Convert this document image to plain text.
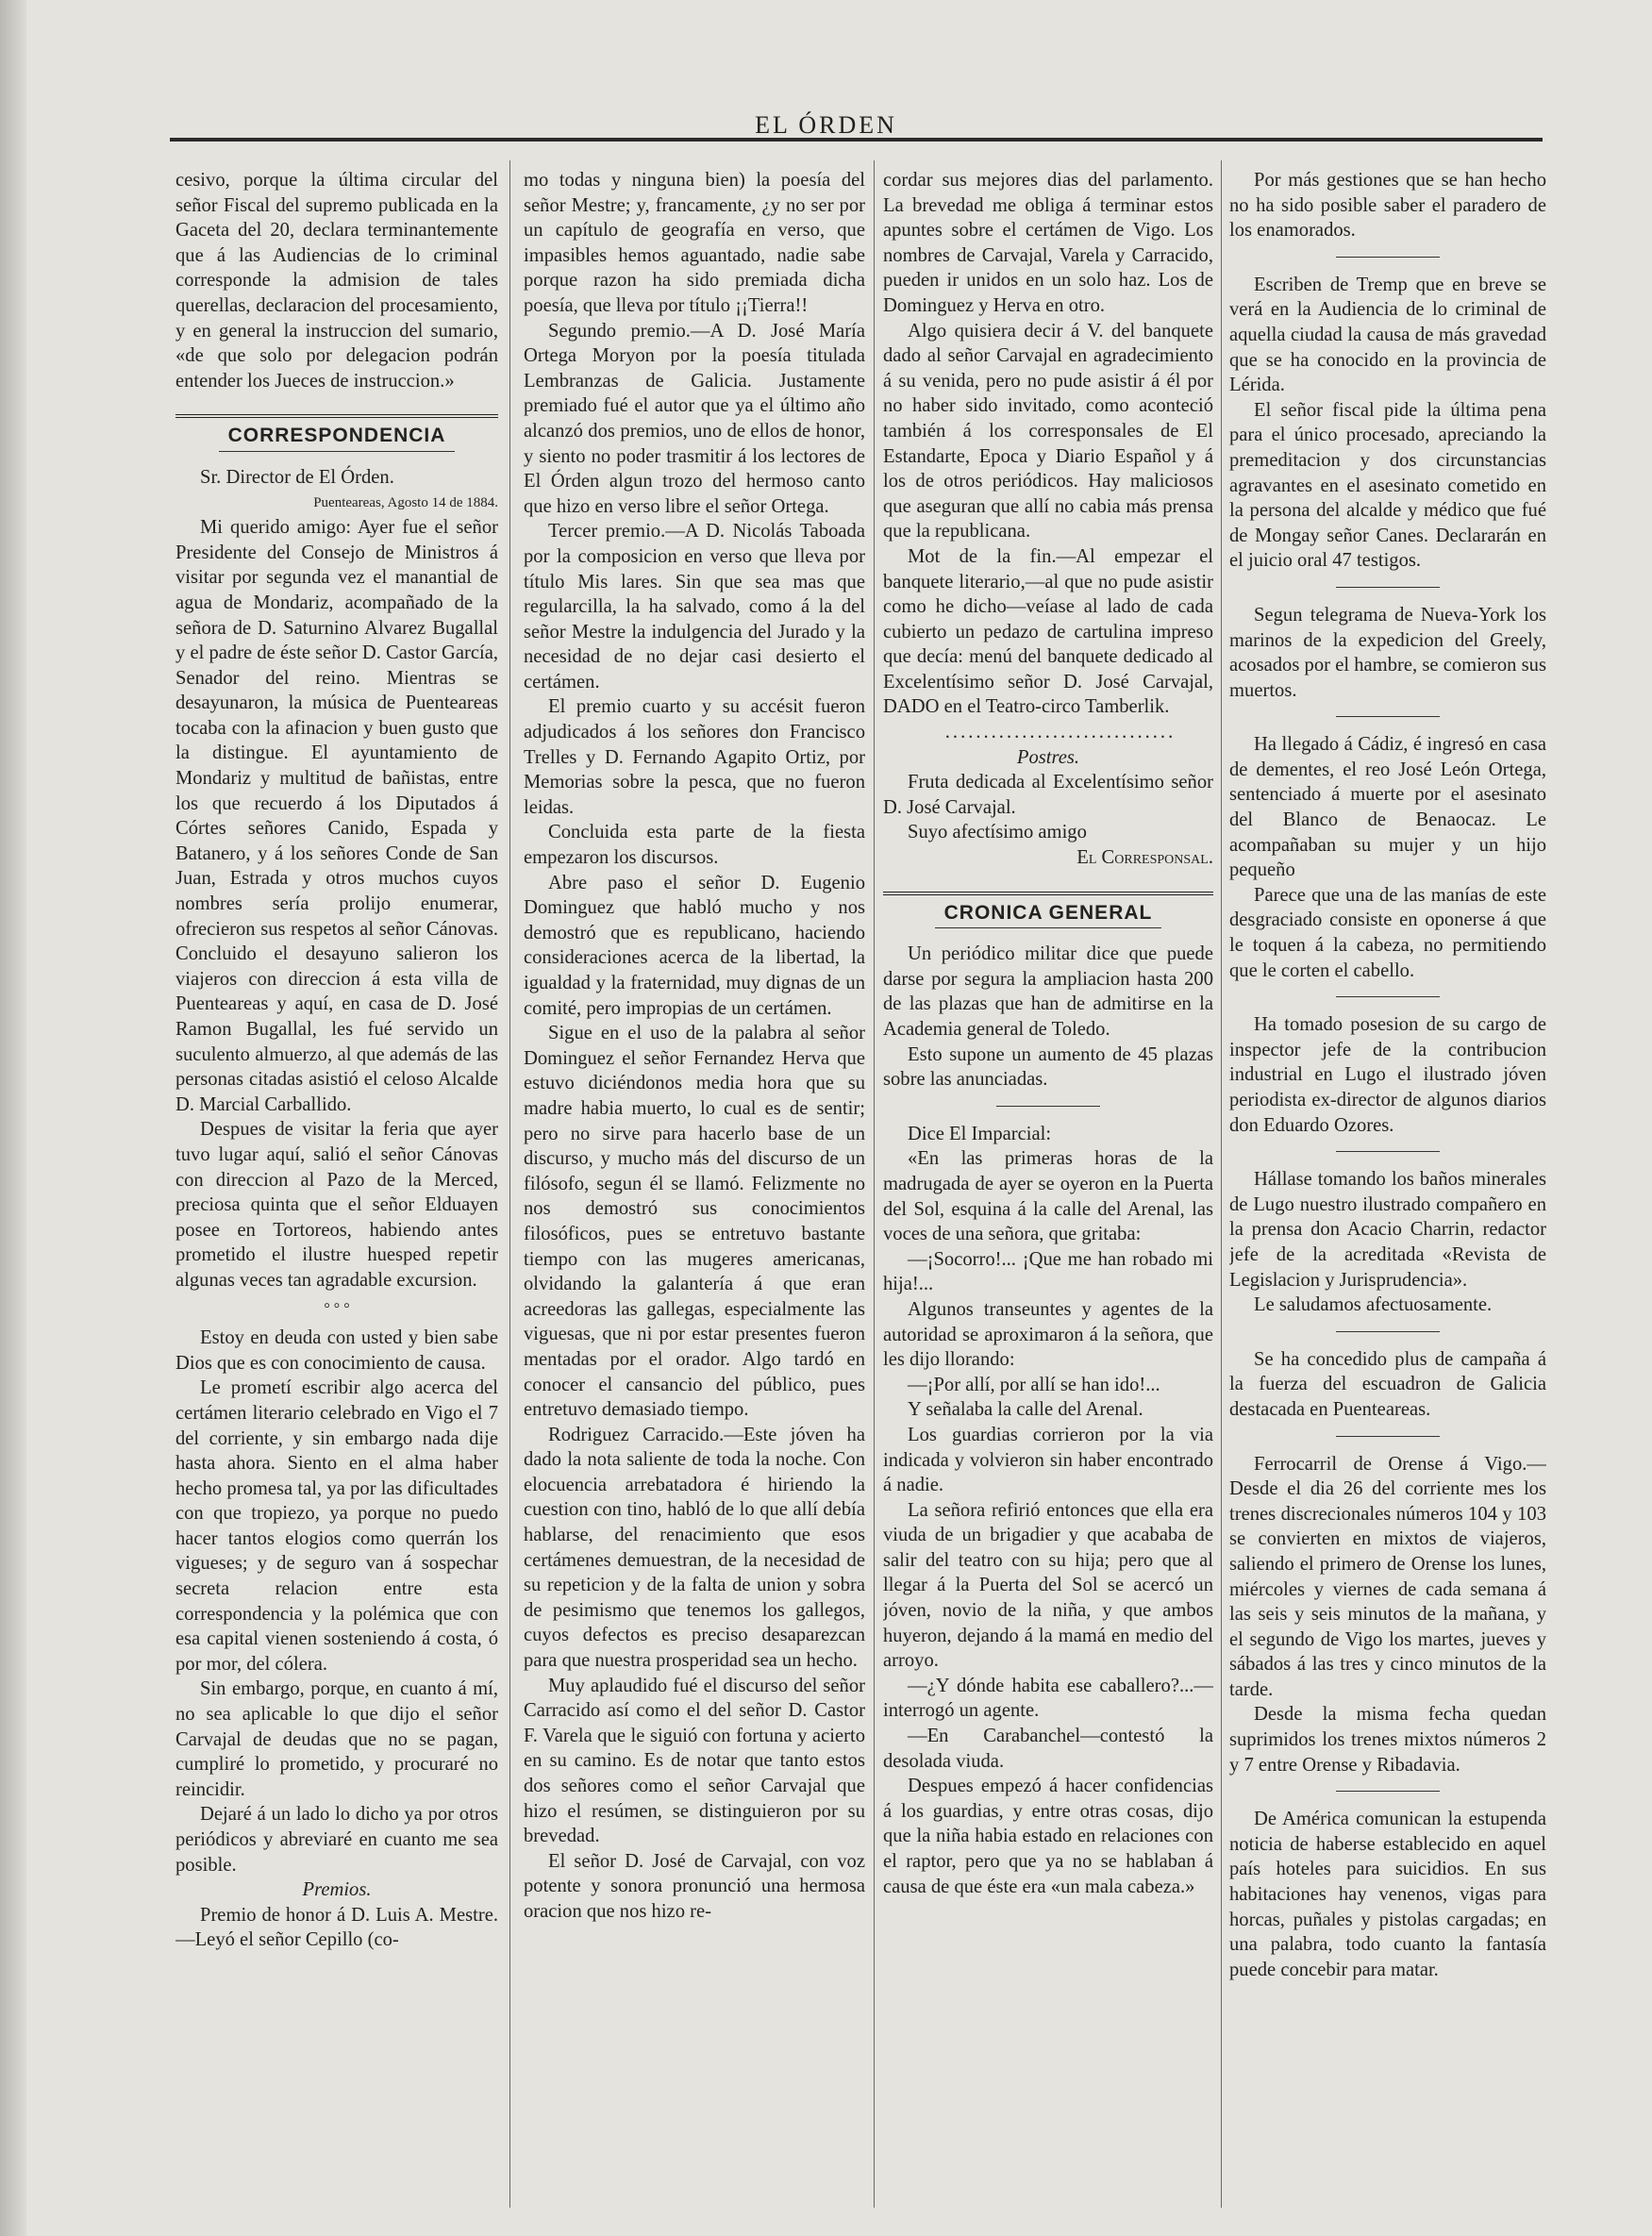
EL ÓRDEN

cesivo, porque la última circular del señor Fiscal del supremo publicada en la Gaceta del 20, declara terminantemente que á las Audiencias de lo criminal corresponde la admision de tales querellas, declaracion del procesamiento, y en general la instruccion del sumario, «de que solo por delegacion podrán entender los Jueces de instruccion.»

CORRESPONDENCIA

Sr. Director de El Órden.

Puenteareas, Agosto 14 de 1884.

Mi querido amigo: Ayer fue el señor Presidente del Consejo de Ministros á visitar por segunda vez el manantial de agua de Mondariz, acompañado de la señora de D. Saturnino Alvarez Bugallal y el padre de éste señor D. Castor García, Senador del reino. Mientras se desayunaron, la música de Puenteareas tocaba con la afinacion y buen gusto que la distingue. El ayuntamiento de Mondariz y multitud de bañistas, entre los que recuerdo á los Diputados á Córtes señores Canido, Espada y Batanero, y á los señores Conde de San Juan, Estrada y otros muchos cuyos nombres sería prolijo enumerar, ofrecieron sus respetos al señor Cánovas. Concluido el desayuno salieron los viajeros con direccion á esta villa de Puenteareas y aquí, en casa de D. José Ramon Bugallal, les fué servido un suculento almuerzo, al que además de las personas citadas asistió el celoso Alcalde D. Marcial Carballido.

Despues de visitar la feria que ayer tuvo lugar aquí, salió el señor Cánovas con direccion al Pazo de la Merced, preciosa quinta que el señor Elduayen posee en Tortoreos, habiendo antes prometido el ilustre huesped repetir algunas veces tan agradable excursion.

° ° °

Estoy en deuda con usted y bien sabe Dios que es con conocimiento de causa.

Le prometí escribir algo acerca del certámen literario celebrado en Vigo el 7 del corriente, y sin embargo nada dije hasta ahora. Siento en el alma haber hecho promesa tal, ya por las dificultades con que tropiezo, ya porque no puedo hacer tantos elogios como querrán los vigueses; y de seguro van á sospechar secreta relacion entre esta correspondencia y la polémica que con esa capital vienen sosteniendo á costa, ó por mor, del cólera.

Sin embargo, porque, en cuanto á mí, no sea aplicable lo que dijo el señor Carvajal de deudas que no se pagan, cumpliré lo prometido, y procuraré no reincidir.

Dejaré á un lado lo dicho ya por otros periódicos y abreviaré en cuanto me sea posible.

Premios.

Premio de honor á D. Luis A. Mestre.—Leyó el señor Cepillo (co-

mo todas y ninguna bien) la poesía del señor Mestre; y, francamente, ¿y no ser por un capítulo de geografía en verso, que impasibles hemos aguantado, nadie sabe porque razon ha sido premiada dicha poesía, que lleva por título ¡¡Tierra!!

Segundo premio.—A D. José María Ortega Moryon por la poesía titulada Lembranzas de Galicia. Justamente premiado fué el autor que ya el último año alcanzó dos premios, uno de ellos de honor, y siento no poder trasmitir á los lectores de El Órden algun trozo del hermoso canto que hizo en verso libre el señor Ortega.

Tercer premio.—A D. Nicolás Taboada por la composicion en verso que lleva por título Mis lares. Sin que sea mas que regularcilla, la ha salvado, como á la del señor Mestre la indulgencia del Jurado y la necesidad de no dejar casi desierto el certámen.

El premio cuarto y su accésit fueron adjudicados á los señores don Francisco Trelles y D. Fernando Agapito Ortiz, por Memorias sobre la pesca, que no fueron leidas.

Concluida esta parte de la fiesta empezaron los discursos.

Abre paso el señor D. Eugenio Dominguez que habló mucho y nos demostró que es republicano, haciendo consideraciones acerca de la libertad, la igualdad y la fraternidad, muy dignas de un comité, pero impropias de un certámen.

Sigue en el uso de la palabra al señor Dominguez el señor Fernandez Herva que estuvo diciéndonos media hora que su madre habia muerto, lo cual es de sentir; pero no sirve para hacerlo base de un discurso, y mucho más del discurso de un filósofo, segun él se llamó. Felizmente no nos demostró sus conocimientos filosóficos, pues se entretuvo bastante tiempo con las mugeres americanas, olvidando la galantería á que eran acreedoras las gallegas, especialmente las viguesas, que ni por estar presentes fueron mentadas por el orador. Algo tardó en conocer el cansancio del público, pues entretuvo demasiado tiempo.

Rodriguez Carracido.—Este jóven ha dado la nota saliente de toda la noche. Con elocuencia arrebatadora é hiriendo la cuestion con tino, habló de lo que allí debía hablarse, del renacimiento que esos certámenes demuestran, de la necesidad de su repeticion y de la falta de union y sobra de pesimismo que tenemos los gallegos, cuyos defectos es preciso desaparezcan para que nuestra prosperidad sea un hecho.

Muy aplaudido fué el discurso del señor Carracido así como el del señor D. Castor F. Varela que le siguió con fortuna y acierto en su camino. Es de notar que tanto estos dos señores como el señor Carvajal que hizo el resúmen, se distinguieron por su brevedad.

El señor D. José de Carvajal, con voz potente y sonora pronunció una hermosa oracion que nos hizo re-

cordar sus mejores dias del parlamento. La brevedad me obliga á terminar estos apuntes sobre el certámen de Vigo. Los nombres de Carvajal, Varela y Carracido, pueden ir unidos en un solo haz. Los de Dominguez y Herva en otro.

Algo quisiera decir á V. del banquete dado al señor Carvajal en agradecimiento á su venida, pero no pude asistir á él por no haber sido invitado, como aconteció también á los corresponsales de El Estandarte, Epoca y Diario Español y á los de otros periódicos. Hay maliciosos que aseguran que allí no cabia más prensa que la republicana.

Mot de la fin.—Al empezar el banquete literario,—al que no pude asistir como he dicho—veíase al lado de cada cubierto un pedazo de cartulina impreso que decía: menú del banquete dedicado al Excelentísimo señor D. José Carvajal, DADO en el Teatro-circo Tamberlik.

..............................

Postres.

Fruta dedicada al Excelentísimo señor D. José Carvajal.

Suyo afectísimo amigo

El Corresponsal.

CRONICA GENERAL

Un periódico militar dice que puede darse por segura la ampliacion hasta 200 de las plazas que han de admitirse en la Academia general de Toledo.

Esto supone un aumento de 45 plazas sobre las anunciadas.

Dice El Imparcial:

«En las primeras horas de la madrugada de ayer se oyeron en la Puerta del Sol, esquina á la calle del Arenal, las voces de una señora, que gritaba:

—¡Socorro!... ¡Que me han robado mi hija!...

Algunos transeuntes y agentes de la autoridad se aproximaron á la señora, que les dijo llorando:

—¡Por allí, por allí se han ido!...

Y señalaba la calle del Arenal.

Los guardias corrieron por la via indicada y volvieron sin haber encontrado á nadie.

La señora refirió entonces que ella era viuda de un brigadier y que acababa de salir del teatro con su hija; pero que al llegar á la Puerta del Sol se acercó un jóven, novio de la niña, y que ambos huyeron, dejando á la mamá en medio del arroyo.

—¿Y dónde habita ese caballero?...—interrogó un agente.

—En Carabanchel—contestó la desolada viuda.

Despues empezó á hacer confidencias á los guardias, y entre otras cosas, dijo que la niña habia estado en relaciones con el raptor, pero que ya no se hablaban á causa de que éste era «un mala cabeza.»

Por más gestiones que se han hecho no ha sido posible saber el paradero de los enamorados.

Escriben de Tremp que en breve se verá en la Audiencia de lo criminal de aquella ciudad la causa de más gravedad que se ha conocido en la provincia de Lérida.

El señor fiscal pide la última pena para el único procesado, apreciando la premeditacion y dos circunstancias agravantes en el asesinato cometido en la persona del alcalde y médico que fué de Mongay señor Canes. Declararán en el juicio oral 47 testigos.

Segun telegrama de Nueva-York los marinos de la expedicion del Greely, acosados por el hambre, se comieron sus muertos.

Ha llegado á Cádiz, é ingresó en casa de dementes, el reo José León Ortega, sentenciado á muerte por el asesinato del Blanco de Benaocaz. Le acompañaban su mujer y un hijo pequeño

Parece que una de las manías de este desgraciado consiste en oponerse á que le toquen á la cabeza, no permitiendo que le corten el cabello.

Ha tomado posesion de su cargo de inspector jefe de la contribucion industrial en Lugo el ilustrado jóven periodista ex-director de algunos diarios don Eduardo Ozores.

Hállase tomando los baños minerales de Lugo nuestro ilustrado compañero en la prensa don Acacio Charrin, redactor jefe de la acreditada «Revista de Legislacion y Jurisprudencia».

Le saludamos afectuosamente.

Se ha concedido plus de campaña á la fuerza del escuadron de Galicia destacada en Puenteareas.

Ferrocarril de Orense á Vigo.—Desde el dia 26 del corriente mes los trenes discrecionales números 104 y 103 se convierten en mixtos de viajeros, saliendo el primero de Orense los lunes, miércoles y viernes de cada semana á las seis y seis minutos de la mañana, y el segundo de Vigo los martes, jueves y sábados á las tres y cinco minutos de la tarde.

Desde la misma fecha quedan suprimidos los trenes mixtos números 2 y 7 entre Orense y Ribadavia.

De América comunican la estupenda noticia de haberse establecido en aquel país hoteles para suicidios. En sus habitaciones hay venenos, vigas para horcas, puñales y pistolas cargadas; en una palabra, todo cuanto la fantasía puede concebir para matar.
